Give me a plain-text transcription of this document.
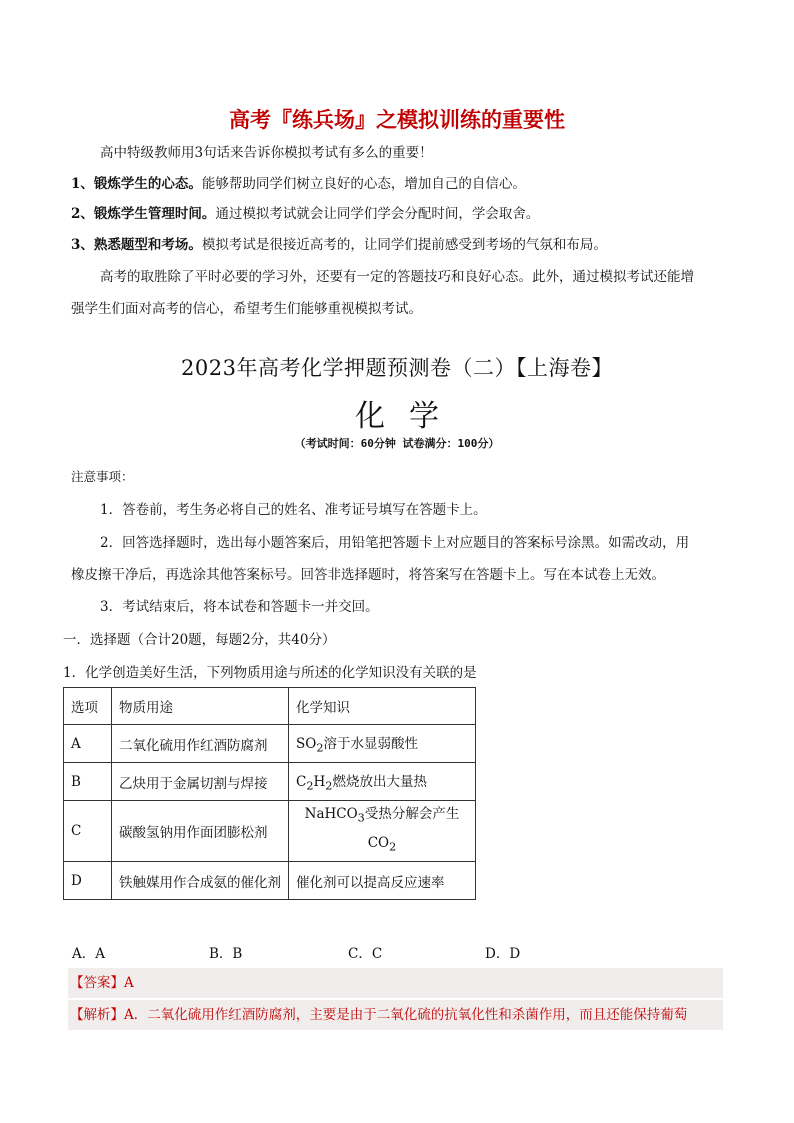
高考『练兵场』之模拟训练的重要性
高中特级教师用3句话来告诉你模拟考试有多么的重要！
1、锻炼学生的心态。能够帮助同学们树立良好的心态，增加自己的自信心。
2、锻炼学生管理时间。通过模拟考试就会让同学们学会分配时间，学会取舍。
3、熟悉题型和考场。模拟考试是很接近高考的，让同学们提前感受到考场的气氛和布局。
高考的取胜除了平时必要的学习外，还要有一定的答题技巧和良好心态。此外，通过模拟考试还能增
强学生们面对高考的信心，希望考生们能够重视模拟考试。
2023年高考化学押题预测卷（二）【上海卷】
化学
（考试时间：60分钟 试卷满分：100分）
注意事项：
1．答卷前，考生务必将自己的姓名、准考证号填写在答题卡上。
2．回答选择题时，选出每小题答案后，用铅笔把答题卡上对应题目的答案标号涂黑。如需改动，用
橡皮擦干净后，再选涂其他答案标号。回答非选择题时，将答案写在答题卡上。写在本试卷上无效。
3．考试结束后，将本试卷和答题卡一并交回。
一．选择题（合计20题，每题2分，共40分）
1．化学创造美好生活，下列物质用途与所述的化学知识没有关联的是
选项	物质用途	化学知识
A	二氧化硫用作红酒防腐剂	$SO_2$溶于水显弱酸性
B	乙炔用于金属切割与焊接	$C_2H_2$燃烧放出大量热
C	碳酸氢钠用作面团膨松剂	NaHCO$_3$受热分解会产生
$CO_2$

D	铁触媒用作合成氨的催化剂	催化剂可以提高反应速率
A．A	B．B	C．C	D．D
【答案】A
【解析】A．二氧化硫用作红酒防腐剂，主要是由于二氧化硫的抗氧化性和杀菌作用，而且还能保持葡萄
